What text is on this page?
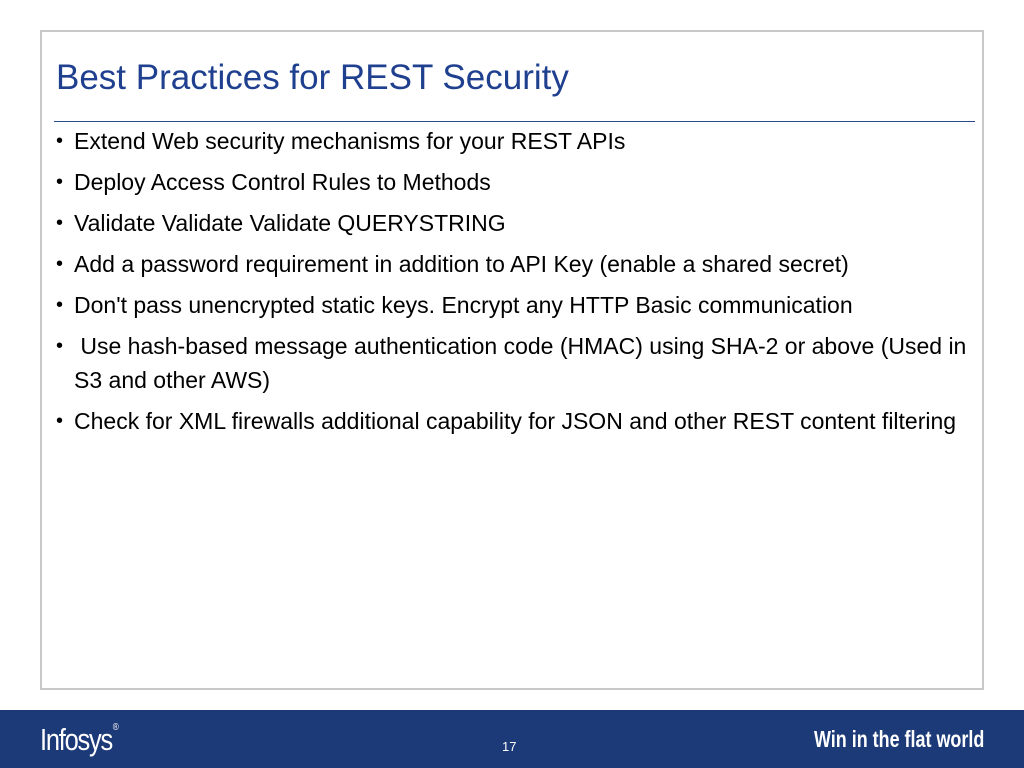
Best Practices for REST Security
• Extend Web security mechanisms for your REST APIs
• Deploy Access Control Rules to Methods
• Validate Validate Validate QUERYSTRING
• Add a password requirement in addition to API Key (enable a shared secret)
• Don't pass unencrypted static keys. Encrypt any HTTP Basic communication
• Use hash-based message authentication code (HMAC) using SHA-2 or above (Used in S3 and other AWS)
• Check for XML firewalls additional capability for JSON and other REST content filtering
Infosys®
17	Win in the flat world
